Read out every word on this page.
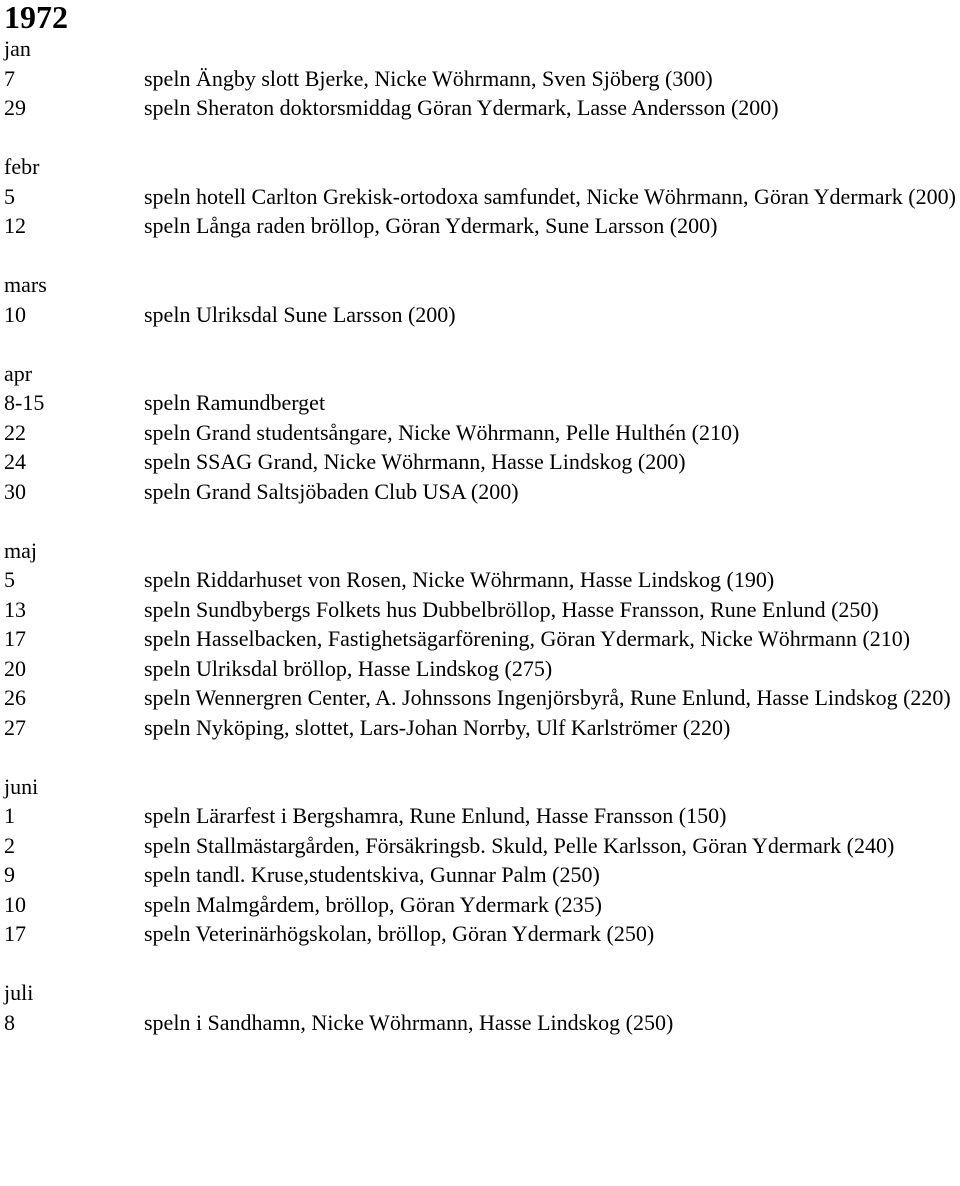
1972
jan
7	speln Ängby slott Bjerke, Nicke Wöhrmann, Sven Sjöberg (300)
29	speln Sheraton doktorsmiddag Göran Ydermark, Lasse Andersson (200)
febr
5	speln hotell Carlton Grekisk-ortodoxa samfundet, Nicke Wöhrmann, Göran Ydermark (200)
12	speln Långa raden bröllop, Göran Ydermark, Sune Larsson (200)
mars
10	speln Ulriksdal Sune Larsson (200)
apr
8-15	speln Ramundberget
22	speln Grand studentsångare, Nicke Wöhrmann, Pelle Hulthén (210)
24	speln SSAG Grand, Nicke Wöhrmann, Hasse Lindskog (200)
30	speln Grand Saltsjöbaden Club USA (200)
maj
5	speln Riddarhuset von Rosen, Nicke Wöhrmann, Hasse Lindskog (190)
13	speln Sundbybergs Folkets hus Dubbelbröllop, Hasse Fransson, Rune Enlund (250)
17	speln Hasselbacken, Fastighetsägarförening, Göran Ydermark, Nicke Wöhrmann (210)
20	speln Ulriksdal bröllop, Hasse Lindskog (275)
26	speln Wennergren Center, A. Johnssons Ingenjörsbyrå, Rune Enlund, Hasse Lindskog (220)
27	speln Nyköping, slottet, Lars-Johan Norrby, Ulf Karlströmer (220)
juni
1	speln Lärarfest i Bergshamra, Rune Enlund, Hasse Fransson (150)
2	speln Stallmästargården, Försäkringsb. Skuld, Pelle Karlsson, Göran Ydermark (240)
9	speln tandl. Kruse,studentskiva, Gunnar Palm (250)
10	speln Malmgårdem, bröllop, Göran Ydermark (235)
17	speln Veterinärhögskolan, bröllop, Göran Ydermark (250)
juli
8	speln i Sandhamn, Nicke Wöhrmann, Hasse Lindskog (250)
